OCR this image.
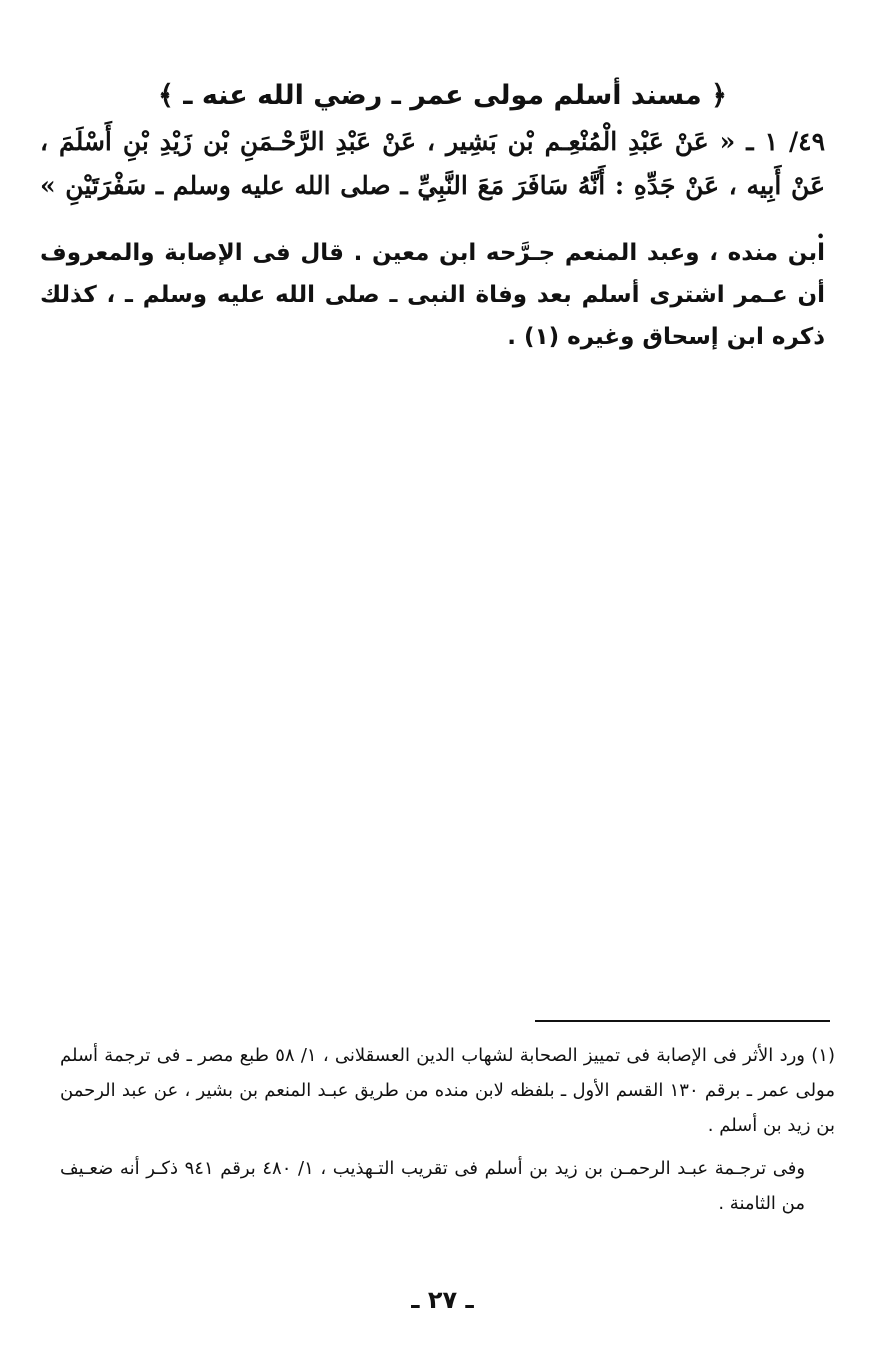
﴿ مسند أسلم مولى عمر ـ رضي الله عنه ـ ﴾
٤٩/ ١ ـ « عَنْ عَبْدِ الْمُنْعِـم بْن بَشِير ، عَنْ عَبْدِ الرَّحْـمَنِ بْن زَيْدِ بْنِ أَسْلَمَ ، عَنْ أَبِيه ، عَنْ جَدِّهِ : أَنَّهُ سَافَرَ مَعَ النَّبِيِّ ـ صلى الله عليه وسلم ـ سَفْرَتَيْنِ » .
ابن منده ، وعبد المنعم جـرَّحه ابن معين . قال فى الإصابة والمعروف أن عـمر اشترى أسلم بعد وفاة النبى ـ صلى الله عليه وسلم ـ ، كذلك ذكره ابن إسحاق وغيره (١) .

(١) ورد الأثر فى الإصابة فى تمييز الصحابة لشهاب الدين العسقلانى ، ١/ ٥٨ طبع مصر ـ فى ترجمة أسلم مولى عمر ـ برقم ١٣٠ القسم الأول ـ بلفظه لابن منده من طريق عبـد المنعم بن بشير ، عن عبد الرحمن بن زيد بن أسلم .

وفى ترجـمة عبـد الرحمـن بن زيد بن أسلم فى تقريب التـهذيب ، ١/ ٤٨٠ برقم ٩٤١ ذكـر أنه ضعـيف من الثامنة .

ـ ٢٧ ـ
